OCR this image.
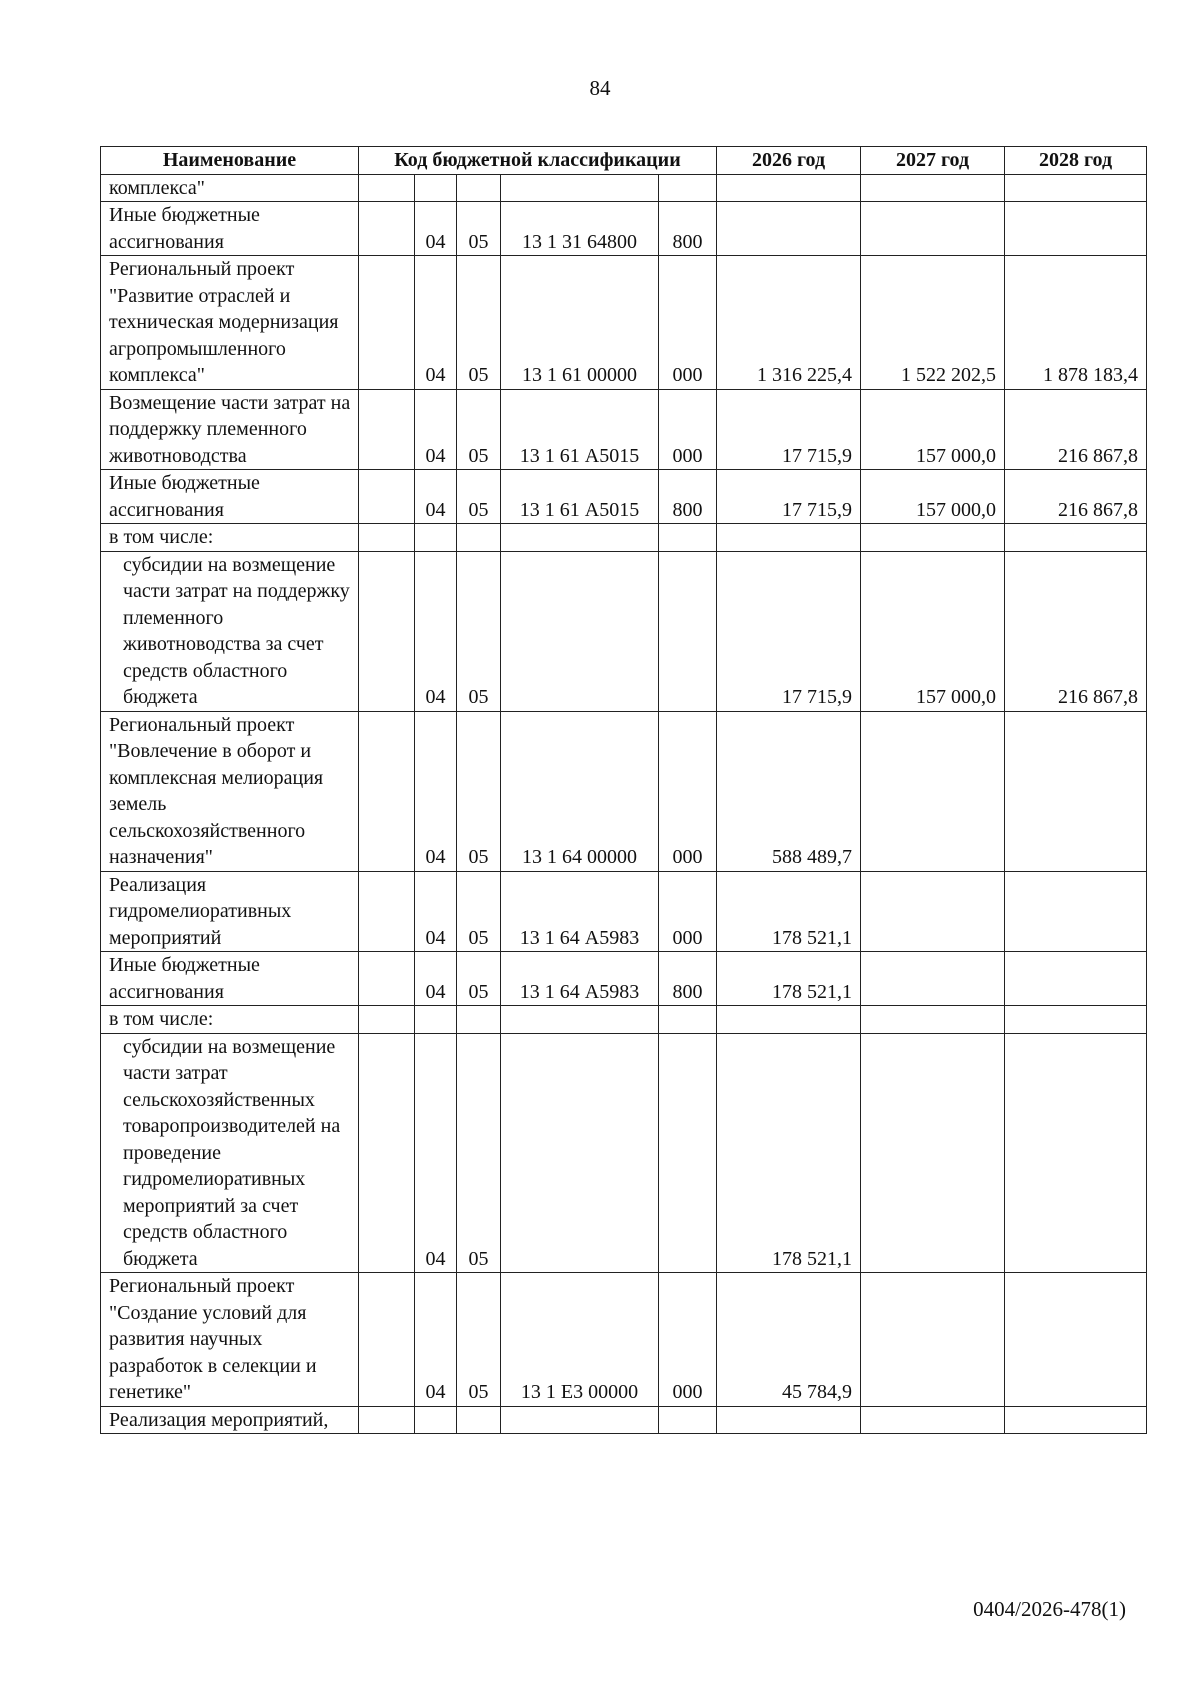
84
Наименование	Код бюджетной классификации					2026 год	2027 год	2028 год
комплекса"								
Иные бюджетные ассигнования		04	05	13 1 31 64800	800			
Региональный проект "Развитие отраслей и техническая модернизация агропромышленного комплекса"		04	05	13 1 61 00000	000	1 316 225,4	1 522 202,5	1 878 183,4
Возмещение части затрат на поддержку племенного животноводства		04	05	13 1 61 А5015	000	17 715,9	157 000,0	216 867,8
Иные бюджетные ассигнования		04	05	13 1 61 А5015	800	17 715,9	157 000,0	216 867,8
в том числе:								

субсидии на возмещение части затрат на поддержку племенного животноводства за счет средств областного бюджета		04	05			17 715,9	157 000,0	216 867,8
Региональный проект "Вовлечение в оборот и комплексная мелиорация земель сельскохозяйственного назначения"		04	05	13 1 64 00000	000	588 489,7		
Реализация гидромелиоративных мероприятий		04	05	13 1 64 А5983	000	178 521,1		
Иные бюджетные ассигнования		04	05	13 1 64 А5983	800	178 521,1		
в том числе:								

субсидии на возмещение части затрат сельскохозяйственных товаропроизводителей на проведение гидромелиоративных мероприятий за счет средств областного бюджета		04	05			178 521,1		
Региональный проект "Создание условий для развития научных разработок в селекции и генетике"		04	05	13 1 Е3 00000	000	45 784,9		
Реализация мероприятий,								
0404/2026-478(1)
